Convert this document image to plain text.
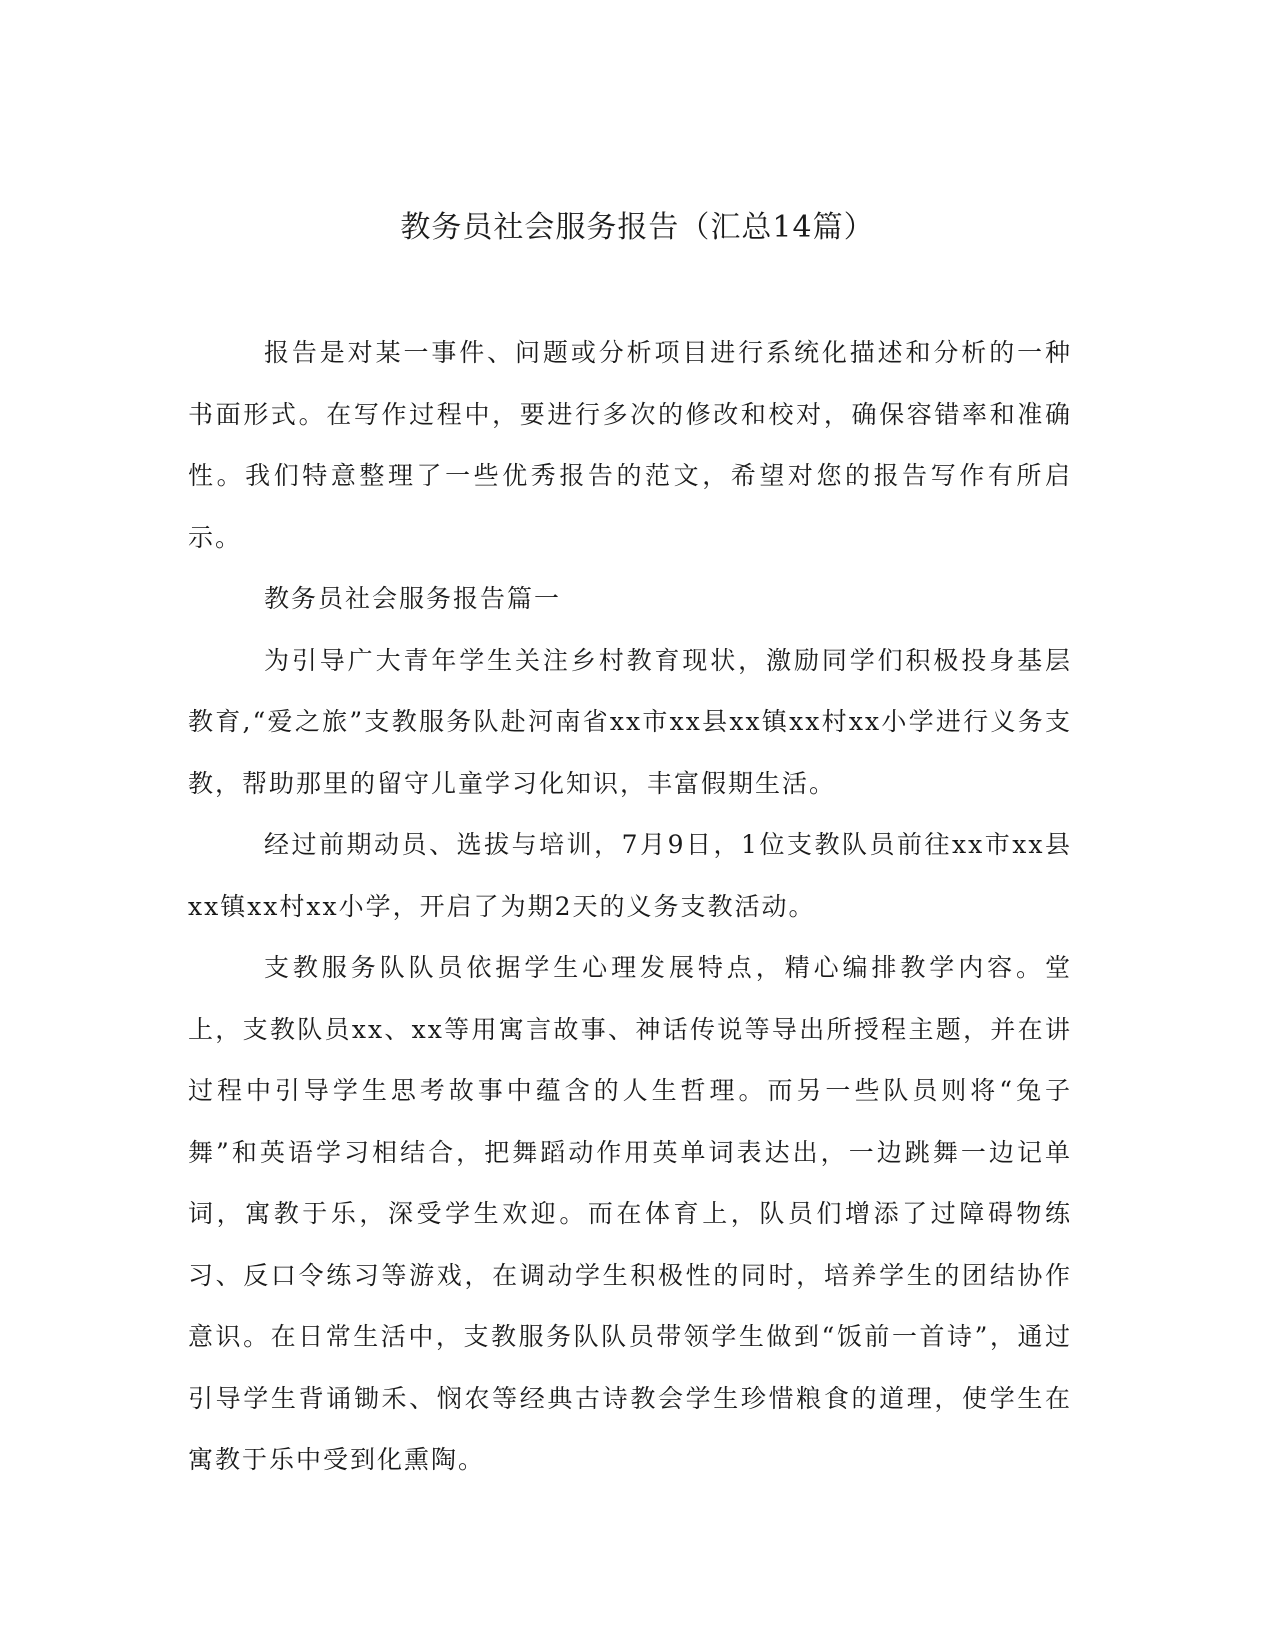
教务员社会服务报告（汇总14篇）

报告是对某一事件、问题或分析项目进行系统化描述和分析的一种书面形式。在写作过程中，要进行多次的修改和校对，确保容错率和准确性。我们特意整理了一些优秀报告的范文，希望对您的报告写作有所启示。

教务员社会服务报告篇一

为引导广大青年学生关注乡村教育现状，激励同学们积极投身基层教育,“爱之旅”支教服务队赴河南省xx市xx县xx镇xx村xx小学进行义务支教，帮助那里的留守儿童学习化知识，丰富假期生活。

经过前期动员、选拔与培训，7月9日，1位支教队员前往xx市xx县xx镇xx村xx小学，开启了为期2天的义务支教活动。

支教服务队队员依据学生心理发展特点，精心编排教学内容。堂上，支教队员xx、xx等用寓言故事、神话传说等导出所授程主题，并在讲过程中引导学生思考故事中蕴含的人生哲理。而另一些队员则将“兔子舞”和英语学习相结合，把舞蹈动作用英单词表达出，一边跳舞一边记单词，寓教于乐，深受学生欢迎。而在体育上，队员们增添了过障碍物练习、反口令练习等游戏，在调动学生积极性的同时，培养学生的团结协作意识。在日常生活中，支教服务队队员带领学生做到“饭前一首诗”，通过引导学生背诵锄禾、悯农等经典古诗教会学生珍惜粮食的道理，使学生在寓教于乐中受到化熏陶。
